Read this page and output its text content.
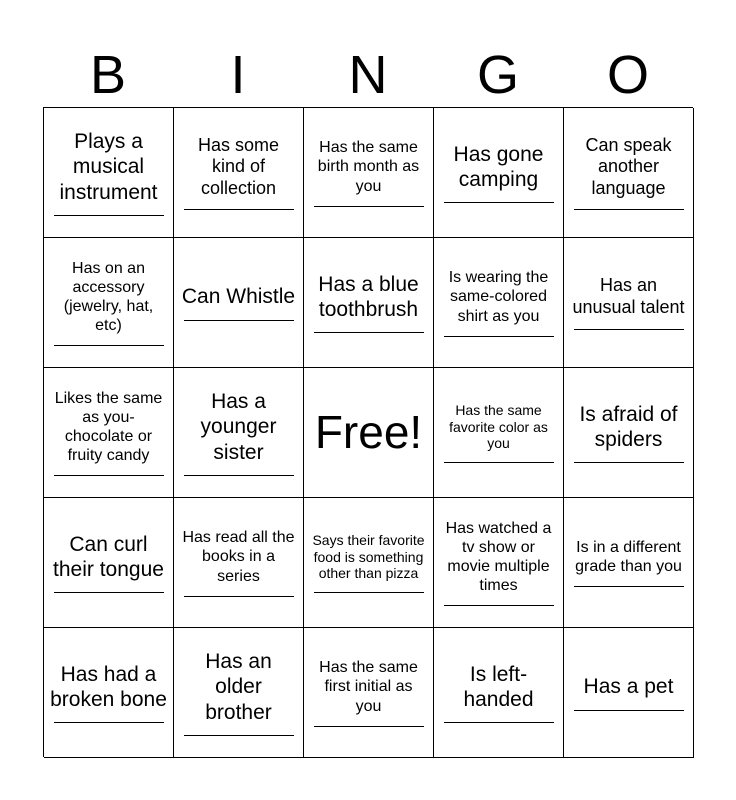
B	I	N	G	O
Plays a musical instrument
Has some kind of collection
Has the same birth month as you
Has gone camping
Can speak another language
Has on an accessory (jewelry, hat, etc)
Can Whistle
Has a blue toothbrush
Is wearing the same-colored shirt as you
Has an unusual talent
Likes the same as you- chocolate or fruity candy
Has a younger sister	Free!	Has the same favorite color as you
Is afraid of spiders
Can curl their tongue
Has read all the books in a series
Says their favorite food is something other than pizza
Has watched a tv show or movie multiple times
Is in a different grade than you
Has had a broken bone
Has an older brother
Has the same first initial as you
Is left-handed
Has a pet
